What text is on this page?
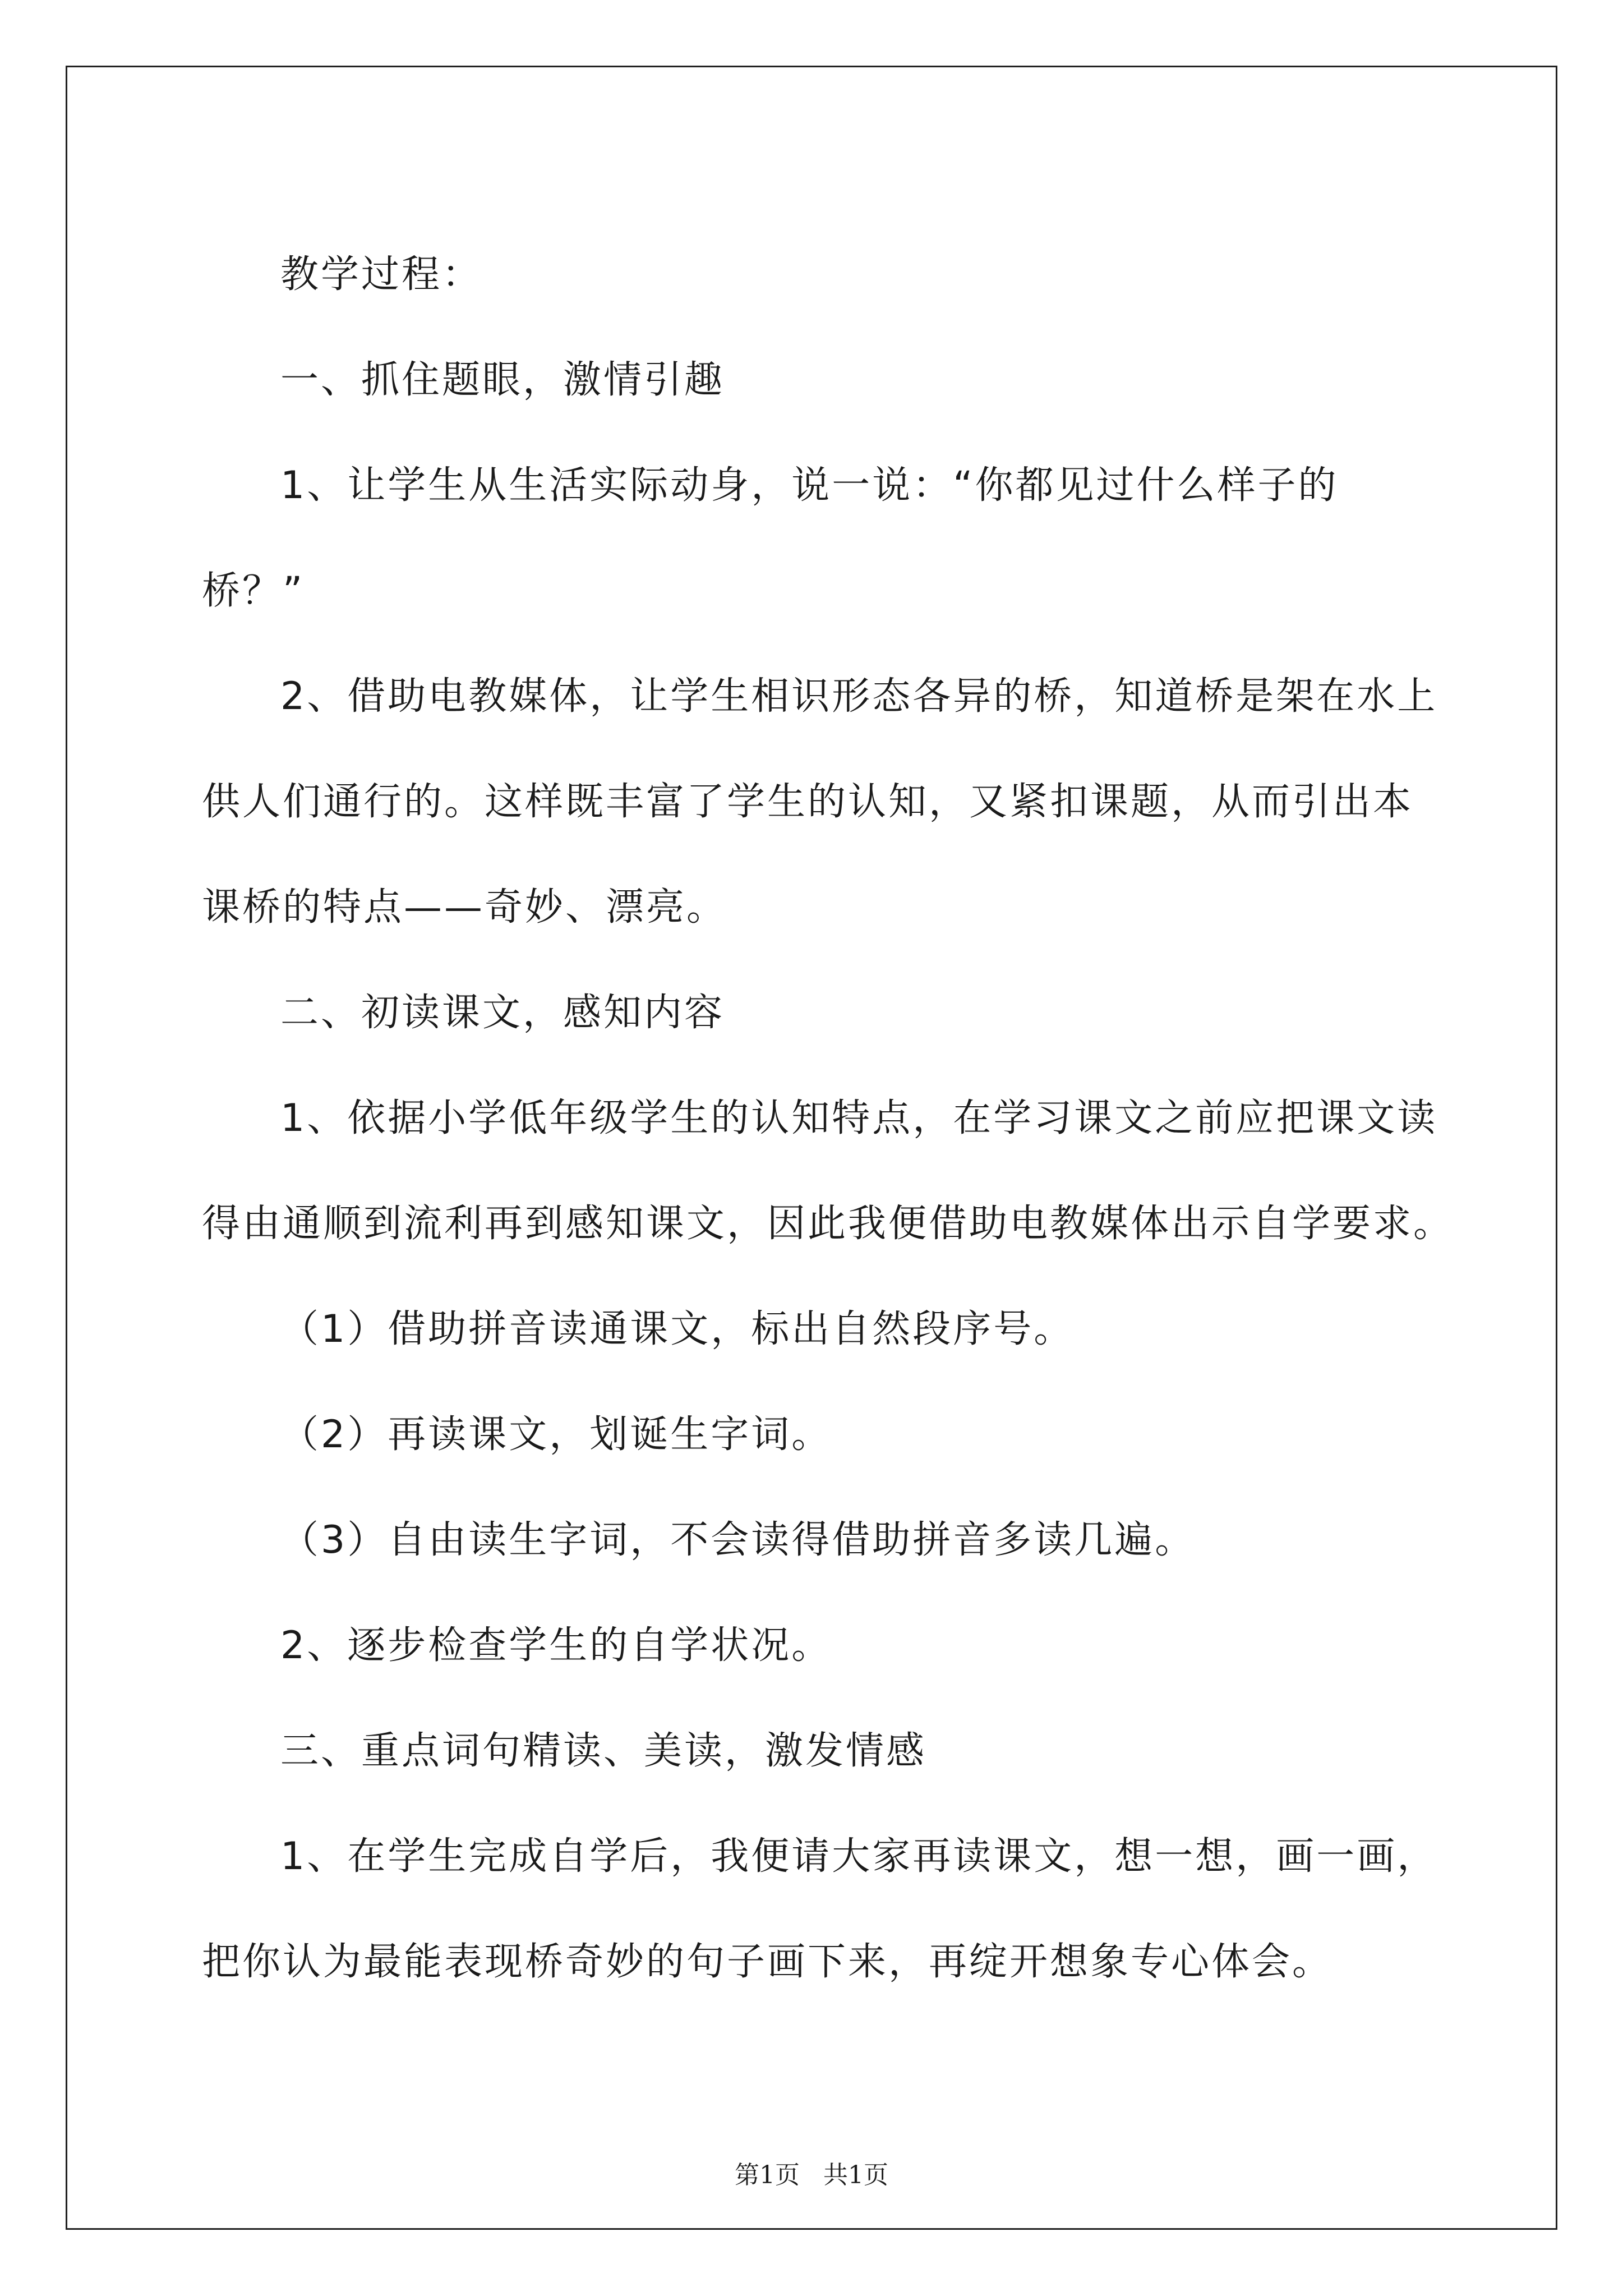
教学过程：
一、抓住题眼，激情引趣
1、让学生从生活实际动身，说一说：“你都见过什么样子的
桥？”
2、借助电教媒体，让学生相识形态各异的桥，知道桥是架在水上
供人们通行的。这样既丰富了学生的认知，又紧扣课题，从而引出本
课桥的特点——奇妙、漂亮。
二、初读课文，感知内容
1、依据小学低年级学生的认知特点，在学习课文之前应把课文读
得由通顺到流利再到感知课文，因此我便借助电教媒体出示自学要求。
（1）借助拼音读通课文，标出自然段序号。
（2）再读课文，划诞生字词。
（3）自由读生字词，不会读得借助拼音多读几遍。
2、逐步检查学生的自学状况。
三、重点词句精读、美读，激发情感
1、在学生完成自学后，我便请大家再读课文，想一想，画一画，
把你认为最能表现桥奇妙的句子画下来，再绽开想象专心体会。
第1页   共1页
